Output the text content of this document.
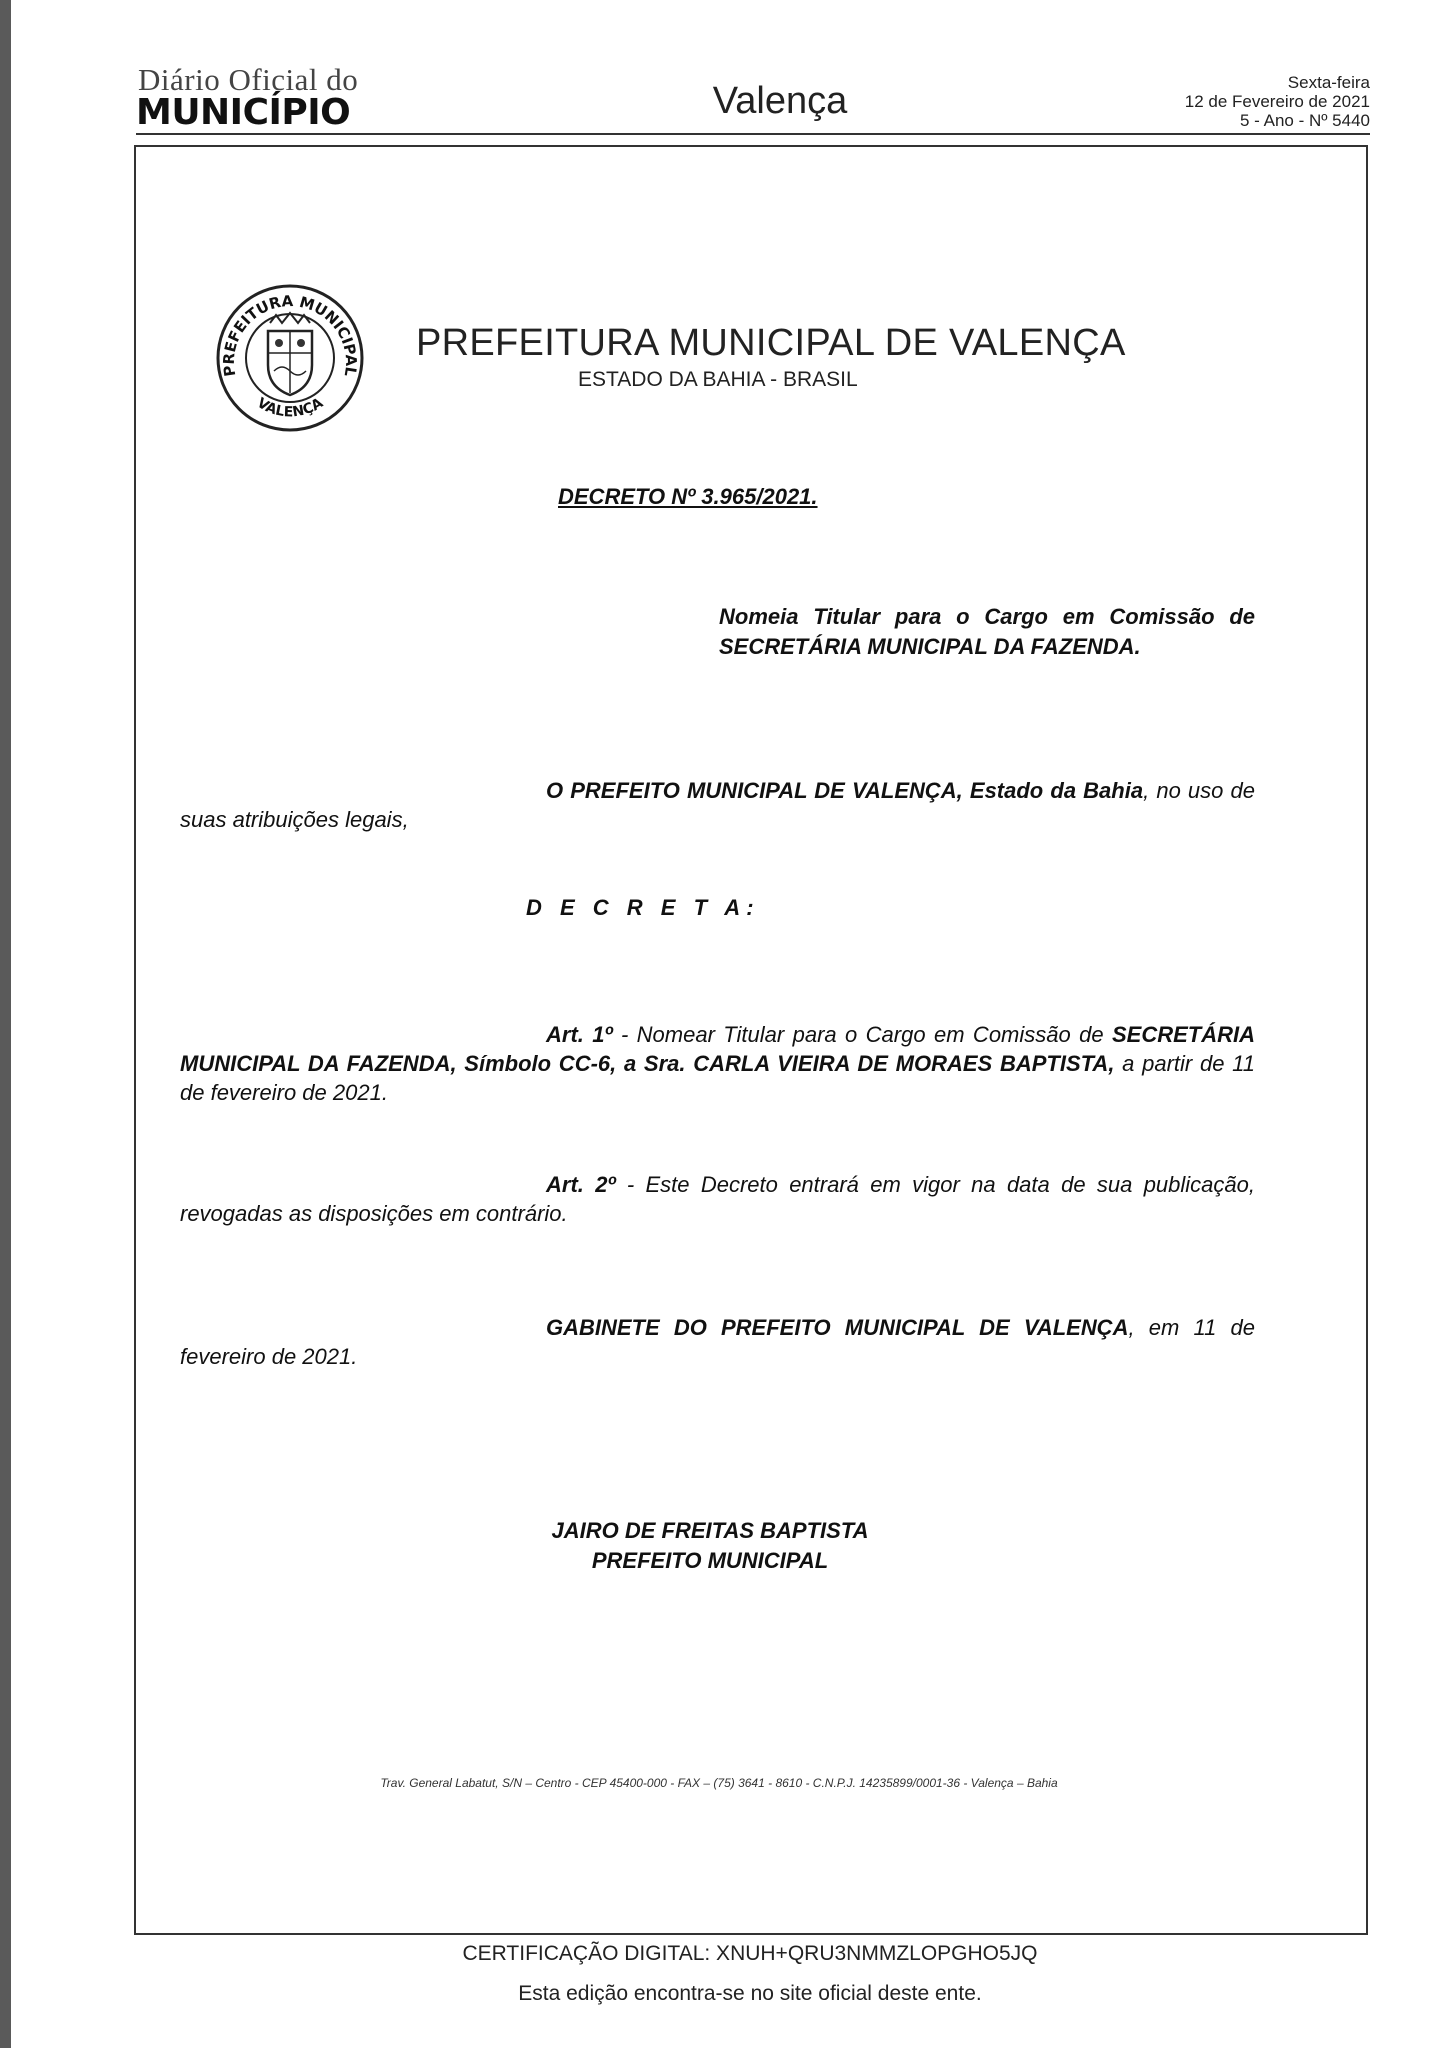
Diário Oficial do
MUNICÍPIO	Valença	Sexta-feira
12 de Fevereiro de 2021
5 - Ano - Nº 5440
PREFEITURA MUNICIPAL
VALENÇA
PREFEITURA MUNICIPAL DE VALENÇA
ESTADO DA BAHIA - BRASIL
DECRETO Nº 3.965/2021.
Nomeia Titular para o Cargo em Comissão de SECRETÁRIA MUNICIPAL DA FAZENDA.
O PREFEITO MUNICIPAL DE VALENÇA, Estado da Bahia, no uso de suas atribuições legais,
D E C R E T A:
Art. 1º - Nomear Titular para o Cargo em Comissão de SECRETÁRIA MUNICIPAL DA FAZENDA, Símbolo CC-6, a Sra. CARLA VIEIRA DE MORAES BAPTISTA, a partir de 11 de fevereiro de 2021.
Art. 2º - Este Decreto entrará em vigor na data de sua publicação, revogadas as disposições em contrário.
GABINETE DO PREFEITO MUNICIPAL DE VALENÇA, em 11 de fevereiro de 2021.
JAIRO DE FREITAS BAPTISTA
PREFEITO MUNICIPAL
Trav. General Labatut, S/N – Centro - CEP 45400-000 - FAX – (75) 3641 - 8610 - C.N.P.J. 14235899/0001-36 - Valença – Bahia
CERTIFICAÇÃO DIGITAL: XNUH+QRU3NMMZLOPGHO5JQ
Esta edição encontra-se no site oficial deste ente.
